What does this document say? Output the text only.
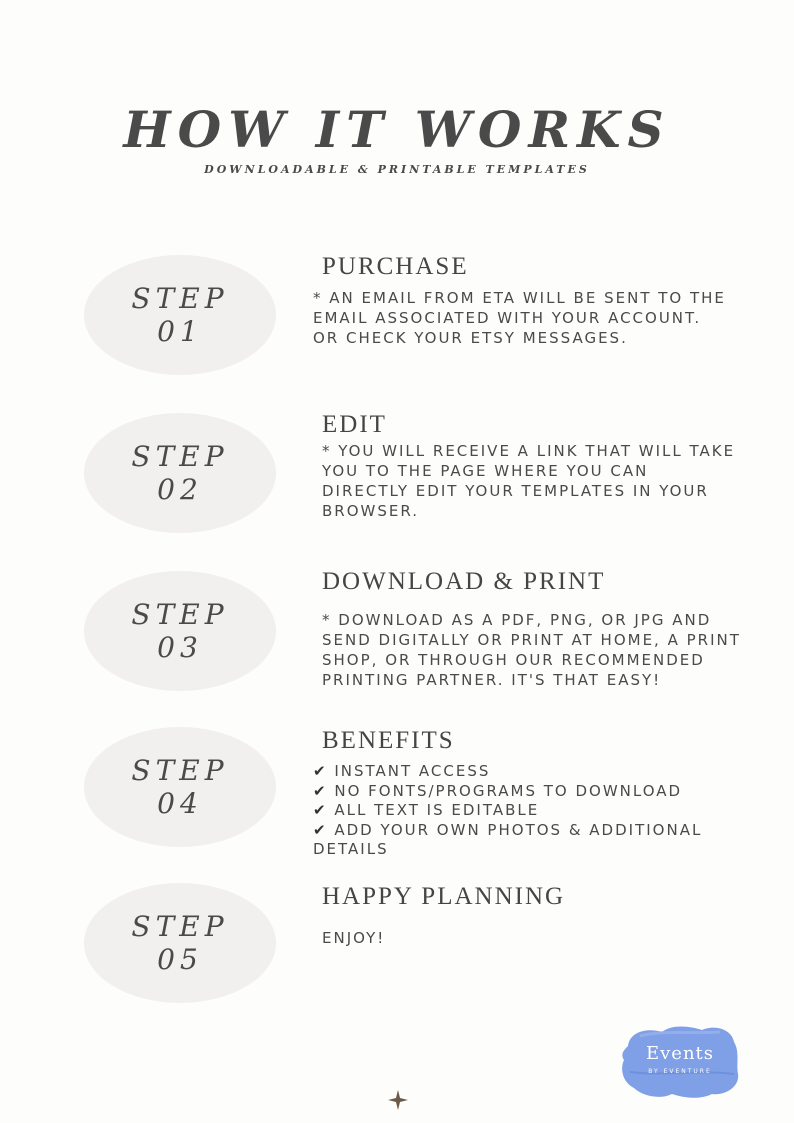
HOW IT WORKS

DOWNLOADABLE & PRINTABLE TEMPLATES

STEP
01
PURCHASE

* AN EMAIL FROM ETA WILL BE SENT TO THE EMAIL ASSOCIATED WITH YOUR ACCOUNT. OR CHECK YOUR ETSY MESSAGES.

STEP
02
EDIT

* YOU WILL RECEIVE A LINK THAT WILL TAKE YOU TO THE PAGE WHERE YOU CAN DIRECTLY EDIT YOUR TEMPLATES IN YOUR BROWSER.

STEP
03
DOWNLOAD & PRINT

* DOWNLOAD AS A PDF, PNG, OR JPG AND SEND DIGITALLY OR PRINT AT HOME, A PRINT SHOP, OR THROUGH OUR RECOMMENDED PRINTING PARTNER. IT'S THAT EASY!

STEP
04
BENEFITS
✔ INSTANT ACCESS
✔ NO FONTS/PROGRAMS TO DOWNLOAD
✔ ALL TEXT IS EDITABLE
✔ ADD YOUR OWN PHOTOS & ADDITIONAL DETAILS
STEP
05
HAPPY PLANNING

ENJOY!

Events
BY EVENTURE
